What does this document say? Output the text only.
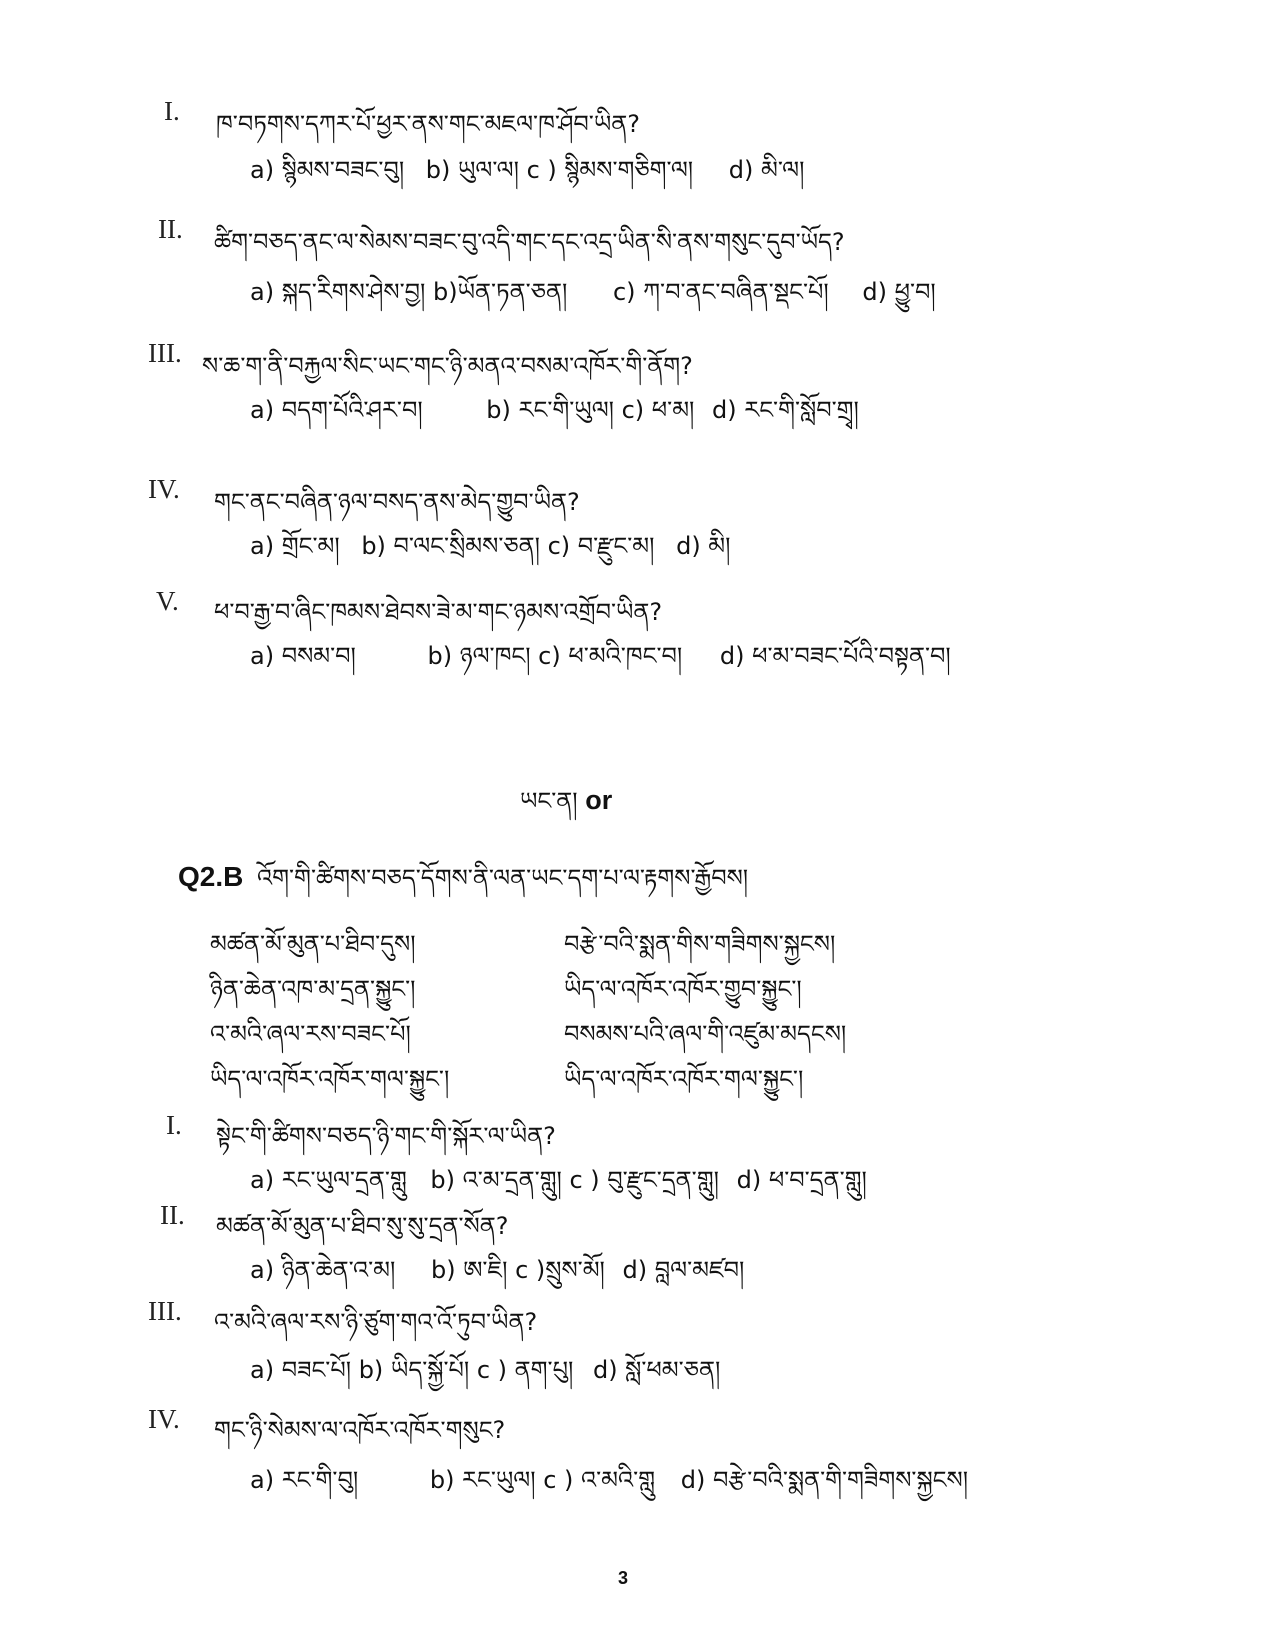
I. ཁ་བཏགས་དཀར་པོ་ཕྱར་ནས་གང་མཇལ་ཁ་ཤོབ་ཡིན?
a) སྙིམས་བཟང་བུ། b) ཡུལ་ལ། c ) སྙིམས་གཅིག་ལ། d) མི་ལ།
II. ཚིག་བཅད་ནང་ལ་སེམས་བཟང་བུ་འདི་གང་དང་འདྲ་ཡིན་སི་ནས་གསུང་དུབ་ཡོད?
a) སྐད་རིགས་ཤེས་བྱ། b)ཡོན་ཏན་ཅན། c) ཀ་བ་ནང་བཞིན་སྡང་པོ། d) ཕྱུ་བ།
III. ས་ཆ་ག་ནི་བརྐྱལ་སིང་ཡང་གང་ཉི་མནའ་བསམ་འཁོར་གི་ནོག?
a) བདག་པོའི་ཤར་བ།	b) རང་གི་ཡུལ། c) ཕ་མ། d) རང་གི་སློབ་གྲྭ།
IV. གང་ནང་བཞིན་ཉལ་བསད་ནས་མེད་གྱུབ་ཡིན?
a) གྲོང་མ། b) བ་ལང་སྲིམས་ཅན། c) བ་རྫུང་མ། d) མི།
V. ཕ་བ་རྒྱ་བ་ཞིང་ཁམས་ཐེབས་ཟེ་མ་གང་ཉམས་འགྲོབ་ཡིན?
a) བསམ་བ།	b) ཉལ་ཁང། c) ཕ་མའི་ཁང་བ། d) ཕ་མ་བཟང་པོའི་བསྟན་བ།
ཡང་ན། or
Q2.B འོག་གི་ཚིགས་བཅད་དོགས་ནི་ལན་ཡང་དག་པ་ལ་རྟགས་རྒྱོབས།
མཚན་མོ་མུན་པ་ཐིབ་དུས།	བརྩེ་བའི་སྨན་གིས་གཟིགས་སྐྱངས།
ཉིན་ཆེན་འཁ་མ་དྲན་སྐྱུང་།	ཡིད་ལ་འཁོར་འཁོར་གྱུབ་སྐྱུང་།
འ་མའི་ཞལ་རས་བཟང་པོ།	བསམས་པའི་ཞལ་གི་འཛུམ་མདངས།
ཡིད་ལ་འཁོར་འཁོར་གལ་སྐྱུང་།	ཡིད་ལ་འཁོར་འཁོར་གལ་སྐྱུང་།
I. སྟེང་གི་ཚིགས་བཅད་ཉི་གང་གི་སྐོར་ལ་ཡིན?
a) རང་ཡུལ་དྲན་གླུ b) འ་མ་དྲན་གླུ། c ) བུ་རྫུང་དྲན་གླུ། d) ཕ་བ་དྲན་གླུ།
II. མཚན་མོ་མུན་པ་ཐིབ་སུ་སུ་དྲན་སོན?
a) ཉིན་ཆེན་འ་མ། b) ཨ་ཇི། c )སྲུས་མོ། d) བླལ་མཛབ།
III. འ་མའི་ཞལ་རས་ཉི་ཙུག་གའ་འོ་ཏུབ་ཡིན?
a) བཟང་པོ། b) ཡིད་སྐྱོ་པོ། c ) ནག་པུ། d) སློ་ཕམ་ཅན།
IV. གང་ཉི་སེམས་ལ་འཁོར་འཁོར་གསུང?
a) རང་གི་བུ།	b) རང་ཡུལ། c ) འ་མའི་གླུ d) བརྩེ་བའི་སྨན་གི་གཟིགས་སྐྱངས།
3
